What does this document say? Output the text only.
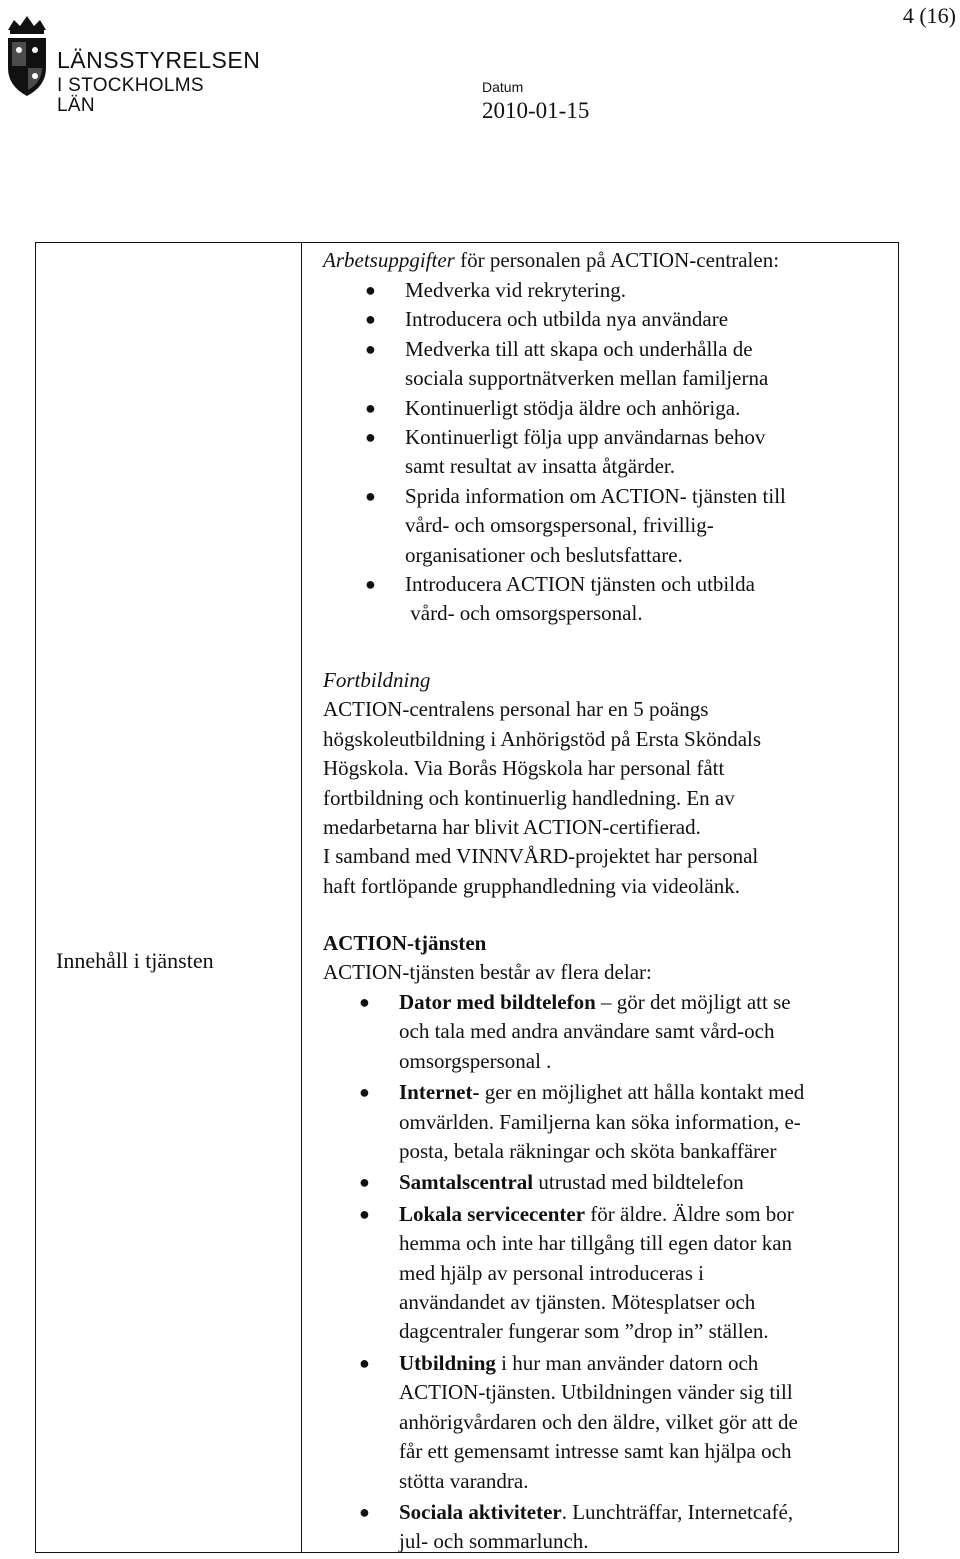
4 (16)
LÄNSSTYRELSEN
I STOCKHOLMS LÄN
Datum
2010-01-15
Innehåll i tjänsten
Arbetsuppgifter för personalen på ACTION-centralen:
● Medverka vid rekrytering.
● Introducera och utbilda nya användare
● Medverka till att skapa och underhålla de
sociala supportnätverken mellan familjerna
● Kontinuerligt stödja äldre och anhöriga.
● Kontinuerligt följa upp användarnas behov
samt resultat av insatta åtgärder.
● Sprida information om ACTION- tjänsten till
vård- och omsorgspersonal, frivillig-
organisationer och beslutsfattare.
● Introducera ACTION tjänsten och utbilda
vård- och omsorgspersonal.

Fortbildning

ACTION-centralens personal har en 5 poängs

högskoleutbildning i Anhörigstöd på Ersta Sköndals

Högskola. Via Borås Högskola har personal fått

fortbildning och kontinuerlig handledning. En av

medarbetarna har blivit ACTION-certifierad.

I samband med VINNVÅRD-projektet har personal

haft fortlöpande grupphandledning via videolänk.

ACTION-tjänsten

ACTION-tjänsten består av flera delar:

● Dator med bildtelefon – gör det möjligt att se
och tala med andra användare samt vård-och
omsorgspersonal .
● Internet- ger en möjlighet att hålla kontakt med
omvärlden. Familjerna kan söka information, e-
posta, betala räkningar och sköta bankaffärer
● Samtalscentral utrustad med bildtelefon
● Lokala servicecenter för äldre. Äldre som bor
hemma och inte har tillgång till egen dator kan
med hjälp av personal introduceras i
användandet av tjänsten. Mötesplatser och
dagcentraler fungerar som ”drop in” ställen.
● Utbildning i hur man använder datorn och
ACTION-tjänsten. Utbildningen vänder sig till
anhörigvårdaren och den äldre, vilket gör att de
får ett gemensamt intresse samt kan hjälpa och
stötta varandra.
● Sociala aktiviteter. Lunchträffar, Internetcafé,
jul- och sommarlunch.
